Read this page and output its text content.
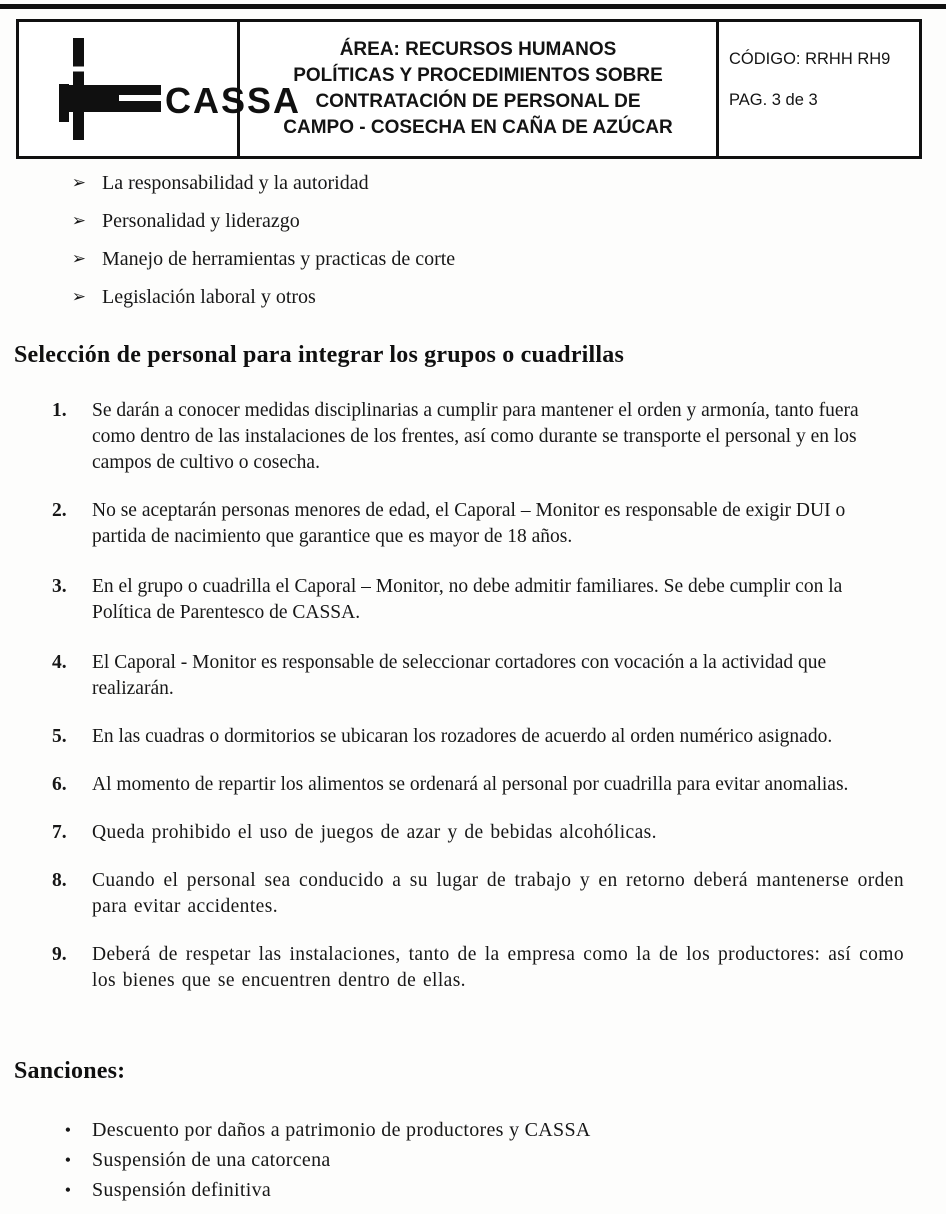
CASSA
ÁREA: RECURSOS HUMANOS
POLÍTICAS Y PROCEDIMIENTOS SOBRE
CONTRATACIÓN DE PERSONAL DE
CAMPO - COSECHA EN CAÑA DE AZÚCAR
CÓDIGO: RRHH RH9
PAG. 3 de 3
➢ La responsabilidad y la autoridad
➢ Personalidad y liderazgo
➢ Manejo de herramientas y practicas de corte
➢ Legislación laboral y otros
Selección de personal para integrar los grupos o cuadrillas
1.	Se darán a conocer medidas disciplinarias a cumplir para mantener el orden y armonía, tanto fuera como dentro de las instalaciones de los frentes, así como durante se transporte el personal y en los campos de cultivo o cosecha.
2.	No se aceptarán personas menores de edad, el Caporal – Monitor es responsable de exigir DUI o partida de nacimiento que garantice que es mayor de 18 años.
3.	En el grupo o cuadrilla el Caporal – Monitor, no debe admitir familiares. Se debe cumplir con la Política de Parentesco de CASSA.
4.	El Caporal - Monitor es responsable de seleccionar cortadores con vocación a la actividad que realizarán.
5.	En las cuadras o dormitorios se ubicaran los rozadores de acuerdo al orden numérico asignado.
6.	Al momento de repartir los alimentos se ordenará al personal por cuadrilla para evitar anomalias.
7.	Queda prohibido el uso de juegos de azar y de bebidas alcohólicas.
8.	Cuando el personal sea conducido a su lugar de trabajo y en retorno deberá mantenerse orden para evitar accidentes.
9.	Deberá de respetar las instalaciones, tanto de la empresa como la de los productores: así como los bienes que se encuentren dentro de ellas.
Sanciones:
•	Descuento por daños a patrimonio de productores y CASSA
•	Suspensión de una catorcena
•	Suspensión definitiva
